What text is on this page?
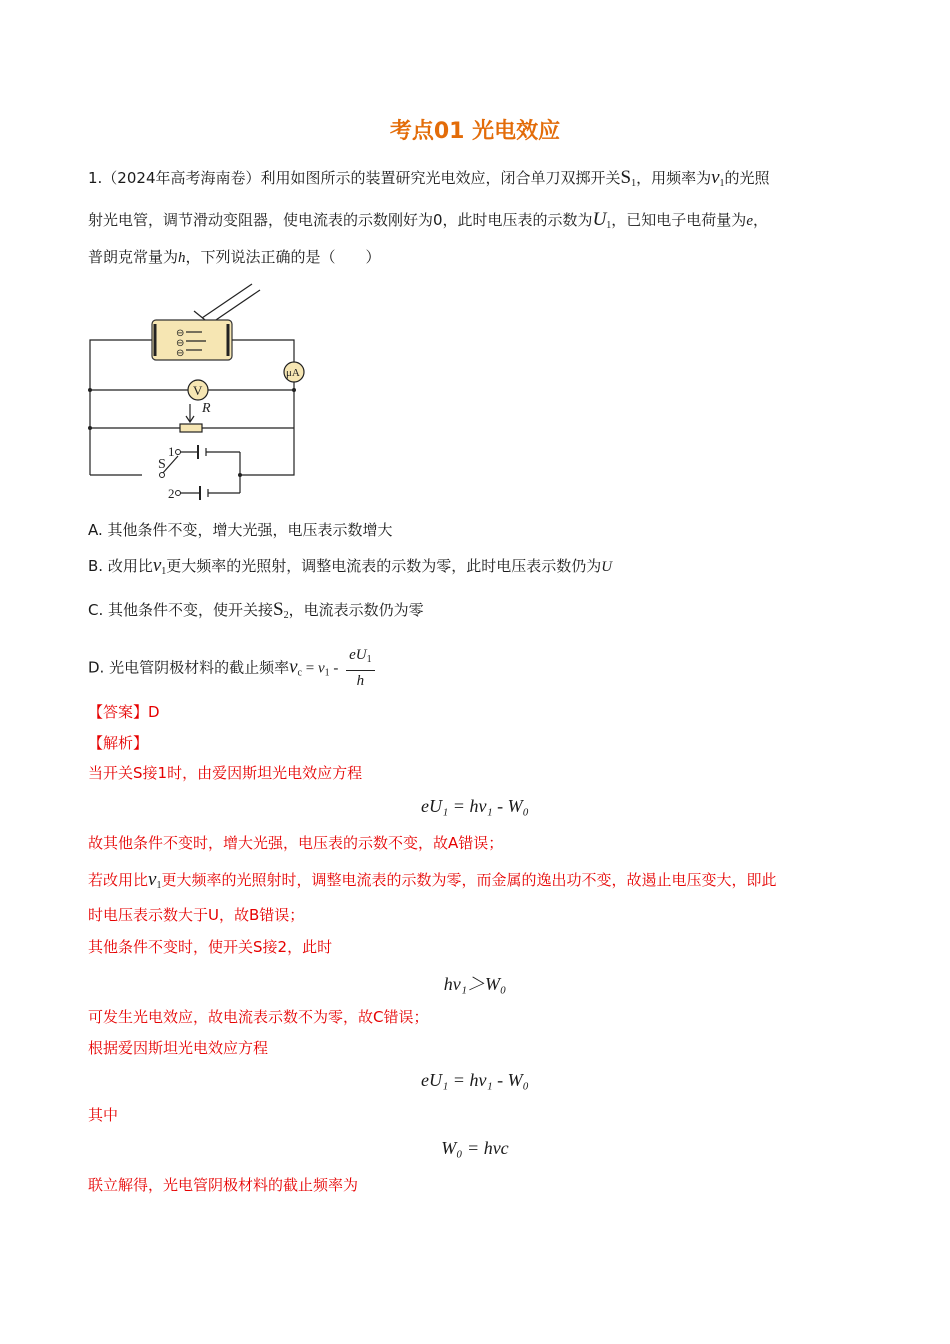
考点01 光电效应
1.（2024年高考海南卷）利用如图所示的装置研究光电效应，闭合单刀双掷开关$S_1$，用频率为$\nu_1$的光照
射光电管，调节滑动变阻器，使电流表的示数刚好为0，此时电压表的示数为$U_1$，已知电子电荷量为e，
普朗克常量为h，下列说法正确的是（　　）
⊖
⊖
⊖
μA
V
R
S
1
2
A. 其他条件不变，增大光强，电压表示数增大
B. 改用比$\nu_1$更大频率的光照射，调整电流表的示数为零，此时电压表示数仍为U
C. 其他条件不变，使开关接$S_2$，电流表示数仍为零
D. 光电管阴极材料的截止频率$\nu_c = \nu_1 - \frac{eU_1}{h}$
【答案】D
【解析】
当开关S接1时，由爱因斯坦光电效应方程
eU₁ = hν₁ - W₀
故其他条件不变时，增大光强，电压表的示数不变，故A错误；
若改用比$\nu_1$更大频率的光照射时，调整电流表的示数为零，而金属的逸出功不变，故遏止电压变大，即此
时电压表示数大于U，故B错误；
其他条件不变时，使开关S接2，此时
hν₁＞W₀
可发生光电效应，故电流表示数不为零，故C错误；
根据爱因斯坦光电效应方程
eU₁ = hν₁ - W₀
其中
W₀ = hνc
联立解得，光电管阴极材料的截止频率为
